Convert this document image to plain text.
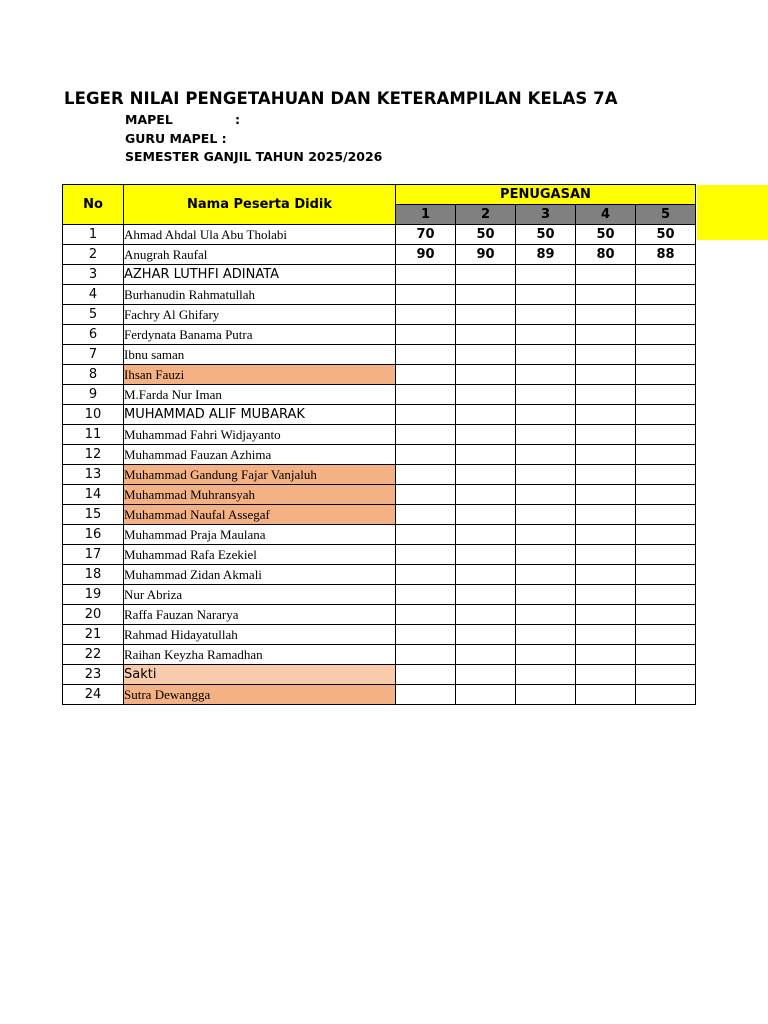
LEGER NILAI PENGETAHUAN DAN KETERAMPILAN KELAS 7A
MAPEL	:
GURU MAPEL :
SEMESTER GANJIL TAHUN 2025/2026
No	Nama Peserta Didik	PENUGASAN				
		1	2	3	4	5
1	Ahmad Ahdal Ula Abu Tholabi	70	50	50	50	50
2	Anugrah Raufal	90	90	89	80	88
3	AZHAR LUTHFI ADINATA					
4	Burhanudin Rahmatullah					
5	Fachry Al Ghifary					
6	Ferdynata Banama Putra					
7	Ibnu saman					
8	Ihsan Fauzi					
9	M.Farda Nur Iman					
10	MUHAMMAD ALIF MUBARAK					
11	Muhammad Fahri Widjayanto					
12	Muhammad Fauzan Azhima					
13	Muhammad Gandung Fajar Vanjaluh					
14	Muhammad Muhransyah					
15	Muhammad Naufal Assegaf					
16	Muhammad Praja Maulana					
17	Muhammad Rafa Ezekiel					
18	Muhammad Zidan Akmali					
19	Nur Abriza					
20	Raffa Fauzan Nararya					
21	Rahmad Hidayatullah					
22	Raihan Keyzha Ramadhan					
23	Sakti					
24	Sutra Dewangga					
